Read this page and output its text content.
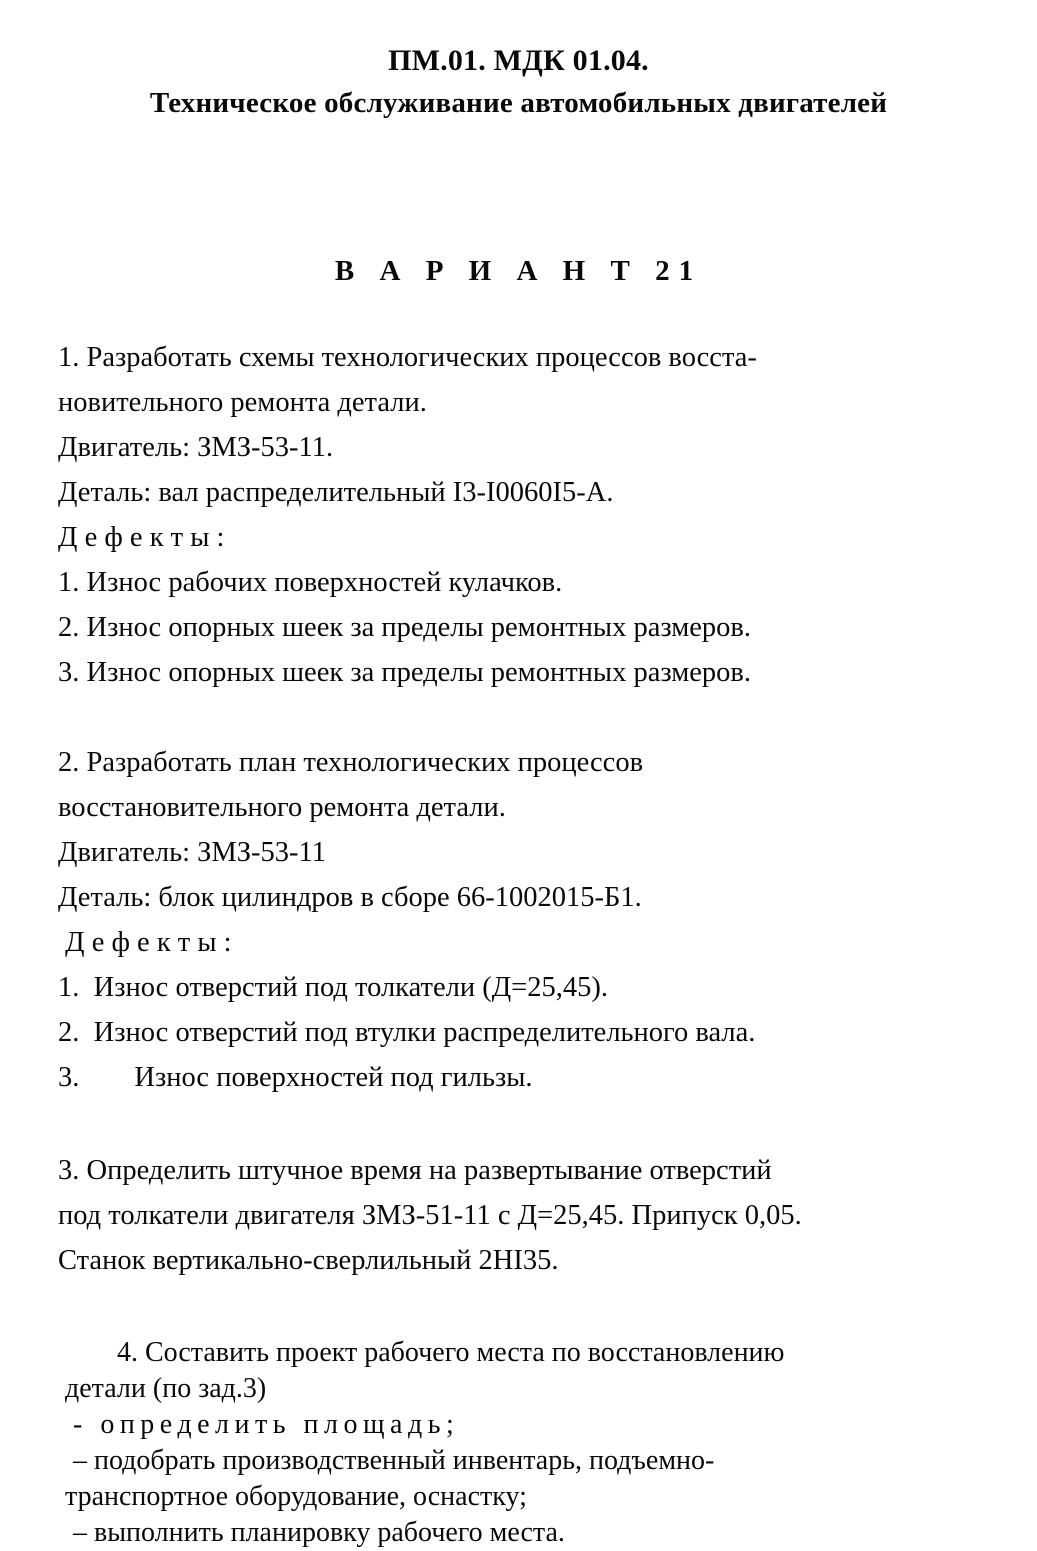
ПМ.01. МДК 01.04.
Техническое обслуживание автомобильных двигателей
В А Р И А Н Т 21

1. Разработать схемы технологических процессов восста-

новительного ремонта детали.

Двигатель: ЗМЗ-53-11.

Деталь: вал распределительный I3-I0060I5-А.

Д е ф е к т ы :

1. Износ рабочих поверхностей кулачков.

2. Износ опорных шеек за пределы ремонтных размеров.

3. Износ опорных шеек за пределы ремонтных размеров.

2. Разработать план технологических процессов

восстановительного ремонта детали.

Двигатель: ЗМЗ-53-11

Деталь: блок цилиндров в сборе 66-1002015-Б1.

Д е ф е к т ы :

1.  Износ отверстий под толкатели (Д=25,45).

2.  Износ отверстий под втулки распределительного вала.

3. Износ поверхностей под гильзы.

3. Определить штучное время на развертывание отверстий

под толкатели двигателя ЗМЗ-51-11 с Д=25,45. Припуск 0,05.

Станок вертикально-сверлильный 2НI35.

4. Составить проект рабочего места по восстановлению

детали (по зад.3)

- определить площадь;

– подобрать производственный инвентарь, подъемно-

транспортное оборудование, оснастку;

– выполнить планировку рабочего места.
